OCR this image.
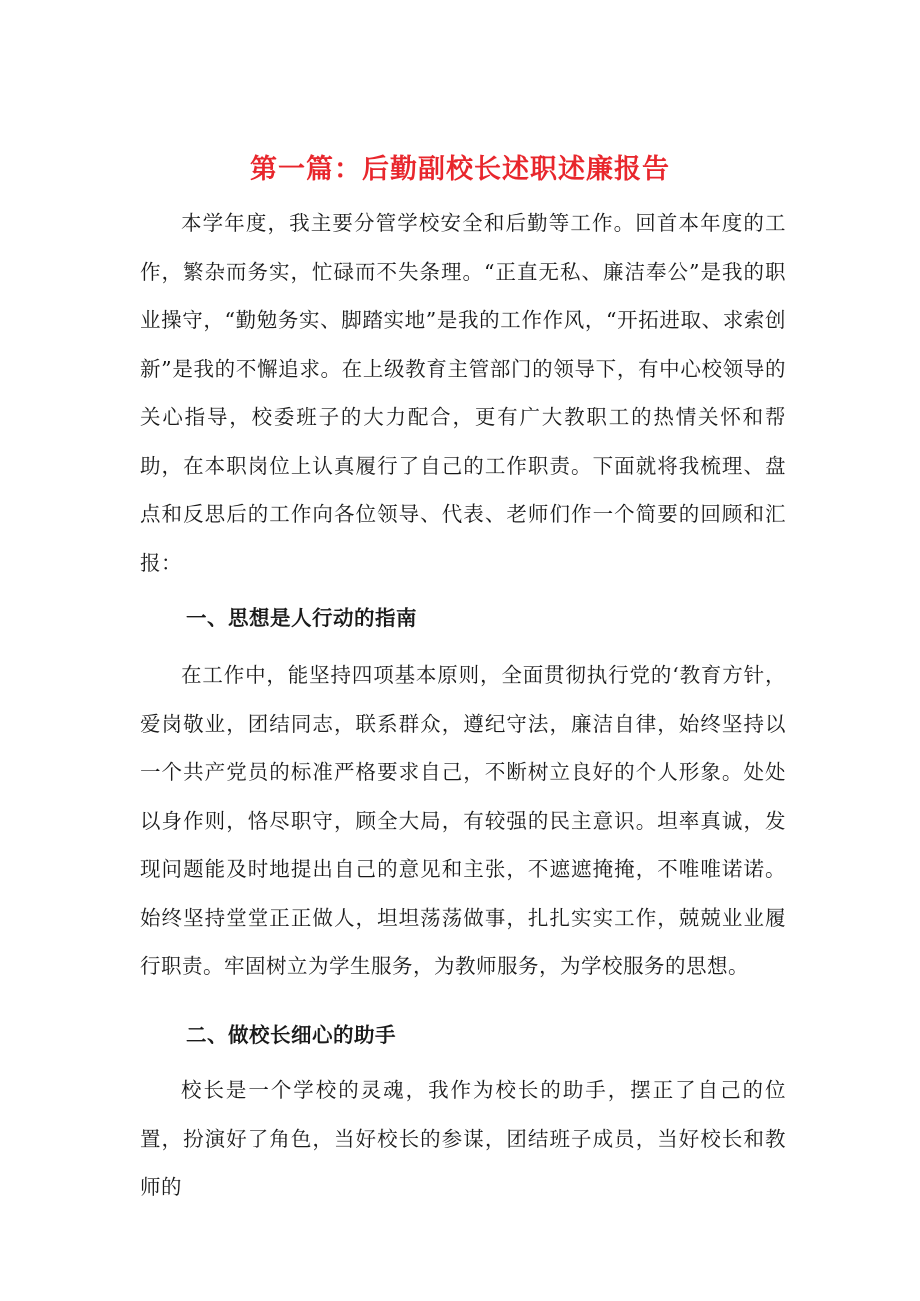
第一篇：后勤副校长述职述廉报告

本学年度，我主要分管学校安全和后勤等工作。回首本年度的工作，繁杂而务实，忙碌而不失条理。“正直无私、廉洁奉公”是我的职业操守，“勤勉务实、脚踏实地”是我的工作作风，“开拓进取、求索创新”是我的不懈追求。在上级教育主管部门的领导下，有中心校领导的关心指导，校委班子的大力配合，更有广大教职工的热情关怀和帮助，在本职岗位上认真履行了自己的工作职责。下面就将我梳理、盘点和反思后的工作向各位领导、代表、老师们作一个简要的回顾和汇报：

一、思想是人行动的指南

在工作中，能坚持四项基本原则，全面贯彻执行党的‘教育方针，爱岗敬业，团结同志，联系群众，遵纪守法，廉洁自律，始终坚持以一个共产党员的标准严格要求自己，不断树立良好的个人形象。处处以身作则，恪尽职守，顾全大局，有较强的民主意识。坦率真诚，发现问题能及时地提出自己的意见和主张，不遮遮掩掩，不唯唯诺诺。始终坚持堂堂正正做人，坦坦荡荡做事，扎扎实实工作，兢兢业业履行职责。牢固树立为学生服务，为教师服务，为学校服务的思想。

二、做校长细心的助手

校长是一个学校的灵魂，我作为校长的助手，摆正了自己的位置，扮演好了角色，当好校长的参谋，团结班子成员，当好校长和教师的
